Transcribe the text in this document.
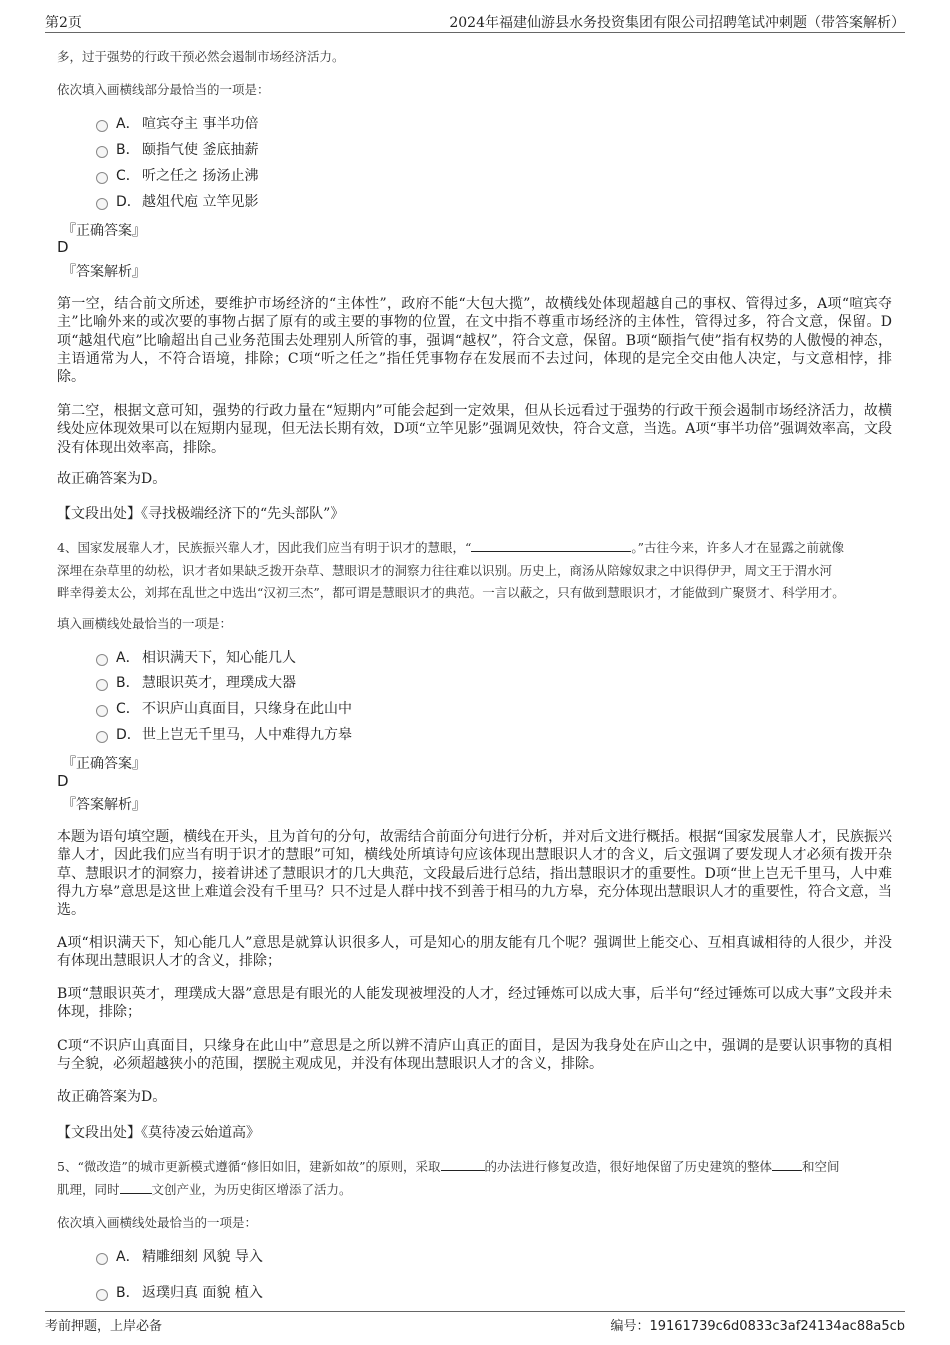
第2页	2024年福建仙游县水务投资集团有限公司招聘笔试冲刺题（带答案解析）
多，过于强势的行政干预必然会遏制市场经济活力。
依次填入画横线部分最恰当的一项是：
A． 喧宾夺主 事半功倍
B． 颐指气使 釜底抽薪
C． 听之任之 扬汤止沸
D．越俎代庖 立竿见影
『正确答案』
D
『答案解析』
第一空，结合前文所述，要维护市场经济的“主体性”，政府不能“大包大揽”，故横线处体现超越自己的事权、管得过多，A项“喧宾夺主”比喻外来的或次要的事物占据了原有的或主要的事物的位置，在文中指不尊重市场经济的主体性，管得过多，符合文意，保留。D项“越俎代庖”比喻超出自己业务范围去处理别人所管的事，强调“越权”，符合文意，保留。B项“颐指气使”指有权势的人傲慢的神态，主语通常为人，不符合语境，排除；C项“听之任之”指任凭事物存在发展而不去过问，体现的是完全交由他人决定，与文意相悖，排除。
第二空，根据文意可知，强势的行政力量在“短期内”可能会起到一定效果，但从长远看过于强势的行政干预会遏制市场经济活力，故横线处应体现效果可以在短期内显现，但无法长期有效，D项“立竿见影”强调见效快，符合文意，当选。A项“事半功倍”强调效率高，文段没有体现出效率高，排除。
故正确答案为D。
【文段出处】《寻找极端经济下的“先头部队”》
4、国家发展靠人才，民族振兴靠人才，因此我们应当有明于识才的慧眼，“	。”古往今来，许多人才在显露之前就像
深埋在杂草里的幼松，识才者如果缺乏拨开杂草、慧眼识才的洞察力往往难以识别。历史上，商汤从陪嫁奴隶之中识得伊尹，周文王于渭水河
畔幸得姜太公，刘邦在乱世之中选出“汉初三杰”，都可谓是慧眼识才的典范。一言以蔽之，只有做到慧眼识才，才能做到广聚贤才、科学用才。
填入画横线处最恰当的一项是：
A． 相识满天下，知心能几人
B． 慧眼识英才，理璞成大器
C． 不识庐山真面目，只缘身在此山中
D．世上岂无千里马，人中难得九方皋
『正确答案』
D
『答案解析』
本题为语句填空题，横线在开头，且为首句的分句，故需结合前面分句进行分析，并对后文进行概括。根据“国家发展靠人才，民族振兴靠人才，因此我们应当有明于识才的慧眼”可知，横线处所填诗句应该体现出慧眼识人才的含义，后文强调了要发现人才必须有拨开杂草、慧眼识才的洞察力，接着讲述了慧眼识才的几大典范，文段最后进行总结，指出慧眼识才的重要性。D项“世上岂无千里马，人中难得九方皋”意思是这世上难道会没有千里马？只不过是人群中找不到善于相马的九方皋，充分体现出慧眼识人才的重要性，符合文意，当选。
A项“相识满天下，知心能几人”意思是就算认识很多人，可是知心的朋友能有几个呢？强调世上能交心、互相真诚相待的人很少，并没有体现出慧眼识人才的含义，排除；
B项“慧眼识英才，理璞成大器”意思是有眼光的人能发现被埋没的人才，经过锤炼可以成大事，后半句“经过锤炼可以成大事”文段并未体现，排除；
C项“不识庐山真面目，只缘身在此山中”意思是之所以辨不清庐山真正的面目，是因为我身处在庐山之中，强调的是要认识事物的真相与全貌，必须超越狭小的范围，摆脱主观成见，并没有体现出慧眼识人才的含义，排除。
故正确答案为D。
【文段出处】《莫待凌云始道高》
5、“微改造”的城市更新模式遵循“修旧如旧，建新如故”的原则，采取	的办法进行修复改造，很好地保留了历史建筑的整体 和空间
肌理，同时	文创产业，为历史街区增添了活力。
依次填入画横线处最恰当的一项是：
A． 精雕细刻 风貌 导入
B． 返璞归真 面貌 植入
考前押题，上岸必备	编号：19161739c6d0833c3af24134ac88a5cb
